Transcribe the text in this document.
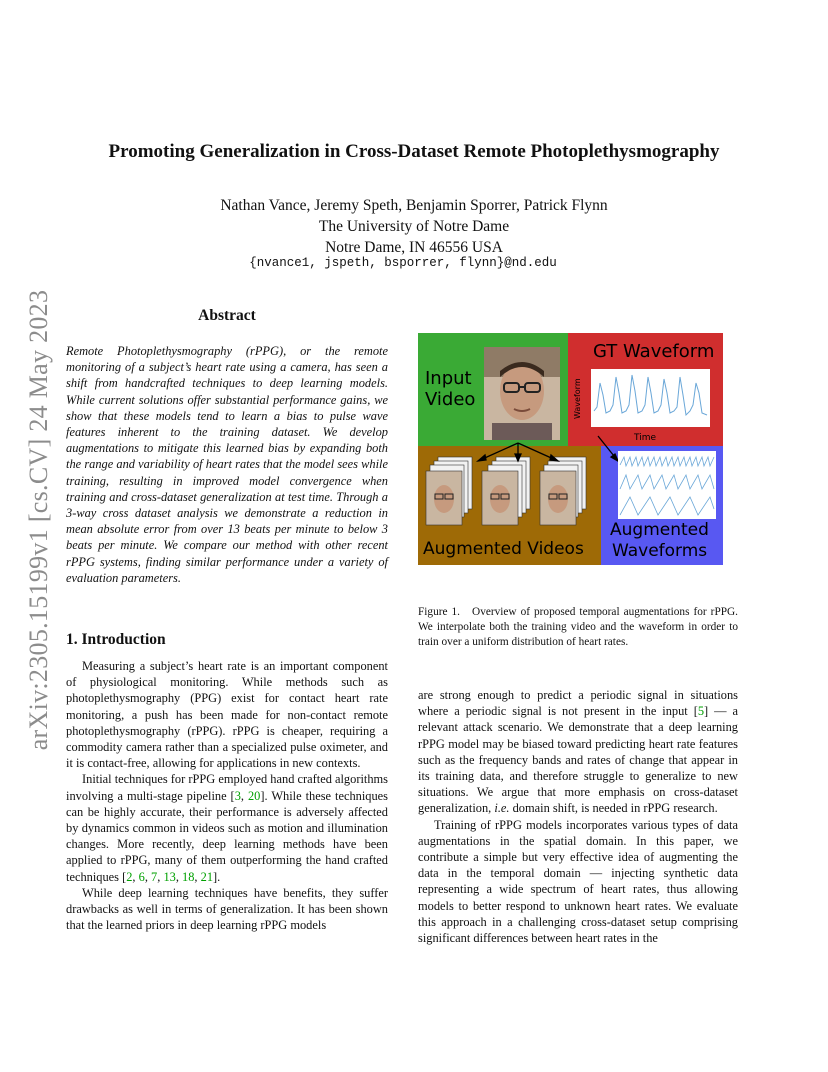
arXiv:2305.15199v1 [cs.CV] 24 May 2023
Promoting Generalization in Cross-Dataset Remote Photoplethysmography
Nathan Vance, Jeremy Speth, Benjamin Sporrer, Patrick Flynn
The University of Notre Dame
Notre Dame, IN 46556 USA
{nvance1, jspeth, bsporrer, flynn}@nd.edu
Abstract
Remote Photoplethysmography (rPPG), or the remote monitoring of a subject’s heart rate using a camera, has seen a shift from handcrafted techniques to deep learning models. While current solutions offer substantial performance gains, we show that these models tend to learn a bias to pulse wave features inherent to the training dataset. We develop augmentations to mitigate this learned bias by expanding both the range and variability of heart rates that the model sees while training, resulting in improved model convergence when training and cross-dataset generalization at test time. Through a 3-way cross dataset analysis we demonstrate a reduction in mean absolute error from over 13 beats per minute to below 3 beats per minute. We compare our method with other recent rPPG systems, finding similar performance under a variety of evaluation parameters.
1. Introduction

Measuring a subject’s heart rate is an important component of physiological monitoring. While methods such as photoplethysmography (PPG) exist for contact heart rate monitoring, a push has been made for non-contact remote photoplethysmography (rPPG). rPPG is cheaper, requiring a commodity camera rather than a specialized pulse oximeter, and it is contact-free, allowing for applications in new contexts.

Initial techniques for rPPG employed hand crafted algorithms involving a multi-stage pipeline [3, 20]. While these techniques can be highly accurate, their performance is adversely affected by dynamics common in videos such as motion and illumination changes. More recently, deep learning methods have been applied to rPPG, many of them outperforming the hand crafted techniques [2, 6, 7, 13, 18, 21].

While deep learning techniques have benefits, they suffer drawbacks as well in terms of generalization. It has been shown that the learned priors in deep learning rPPG models

Input
Video
GT Waveform
Waveform
Time
Augmented Videos
Augmented
Waveforms
Figure 1. Overview of proposed temporal augmentations for rPPG. We interpolate both the training video and the waveform in order to train over a uniform distribution of heart rates.

are strong enough to predict a periodic signal in situations where a periodic signal is not present in the input [5] — a relevant attack scenario. We demonstrate that a deep learning rPPG model may be biased toward predicting heart rate features such as the frequency bands and rates of change that appear in its training data, and therefore struggle to generalize to new situations. We argue that more emphasis on cross-dataset generalization, i.e. domain shift, is needed in rPPG research.

Training of rPPG models incorporates various types of data augmentations in the spatial domain. In this paper, we contribute a simple but very effective idea of augmenting the data in the temporal domain — injecting synthetic data representing a wide spectrum of heart rates, thus allowing models to better respond to unknown heart rates. We evaluate this approach in a challenging cross-dataset setup comprising significant differences between heart rates in the
